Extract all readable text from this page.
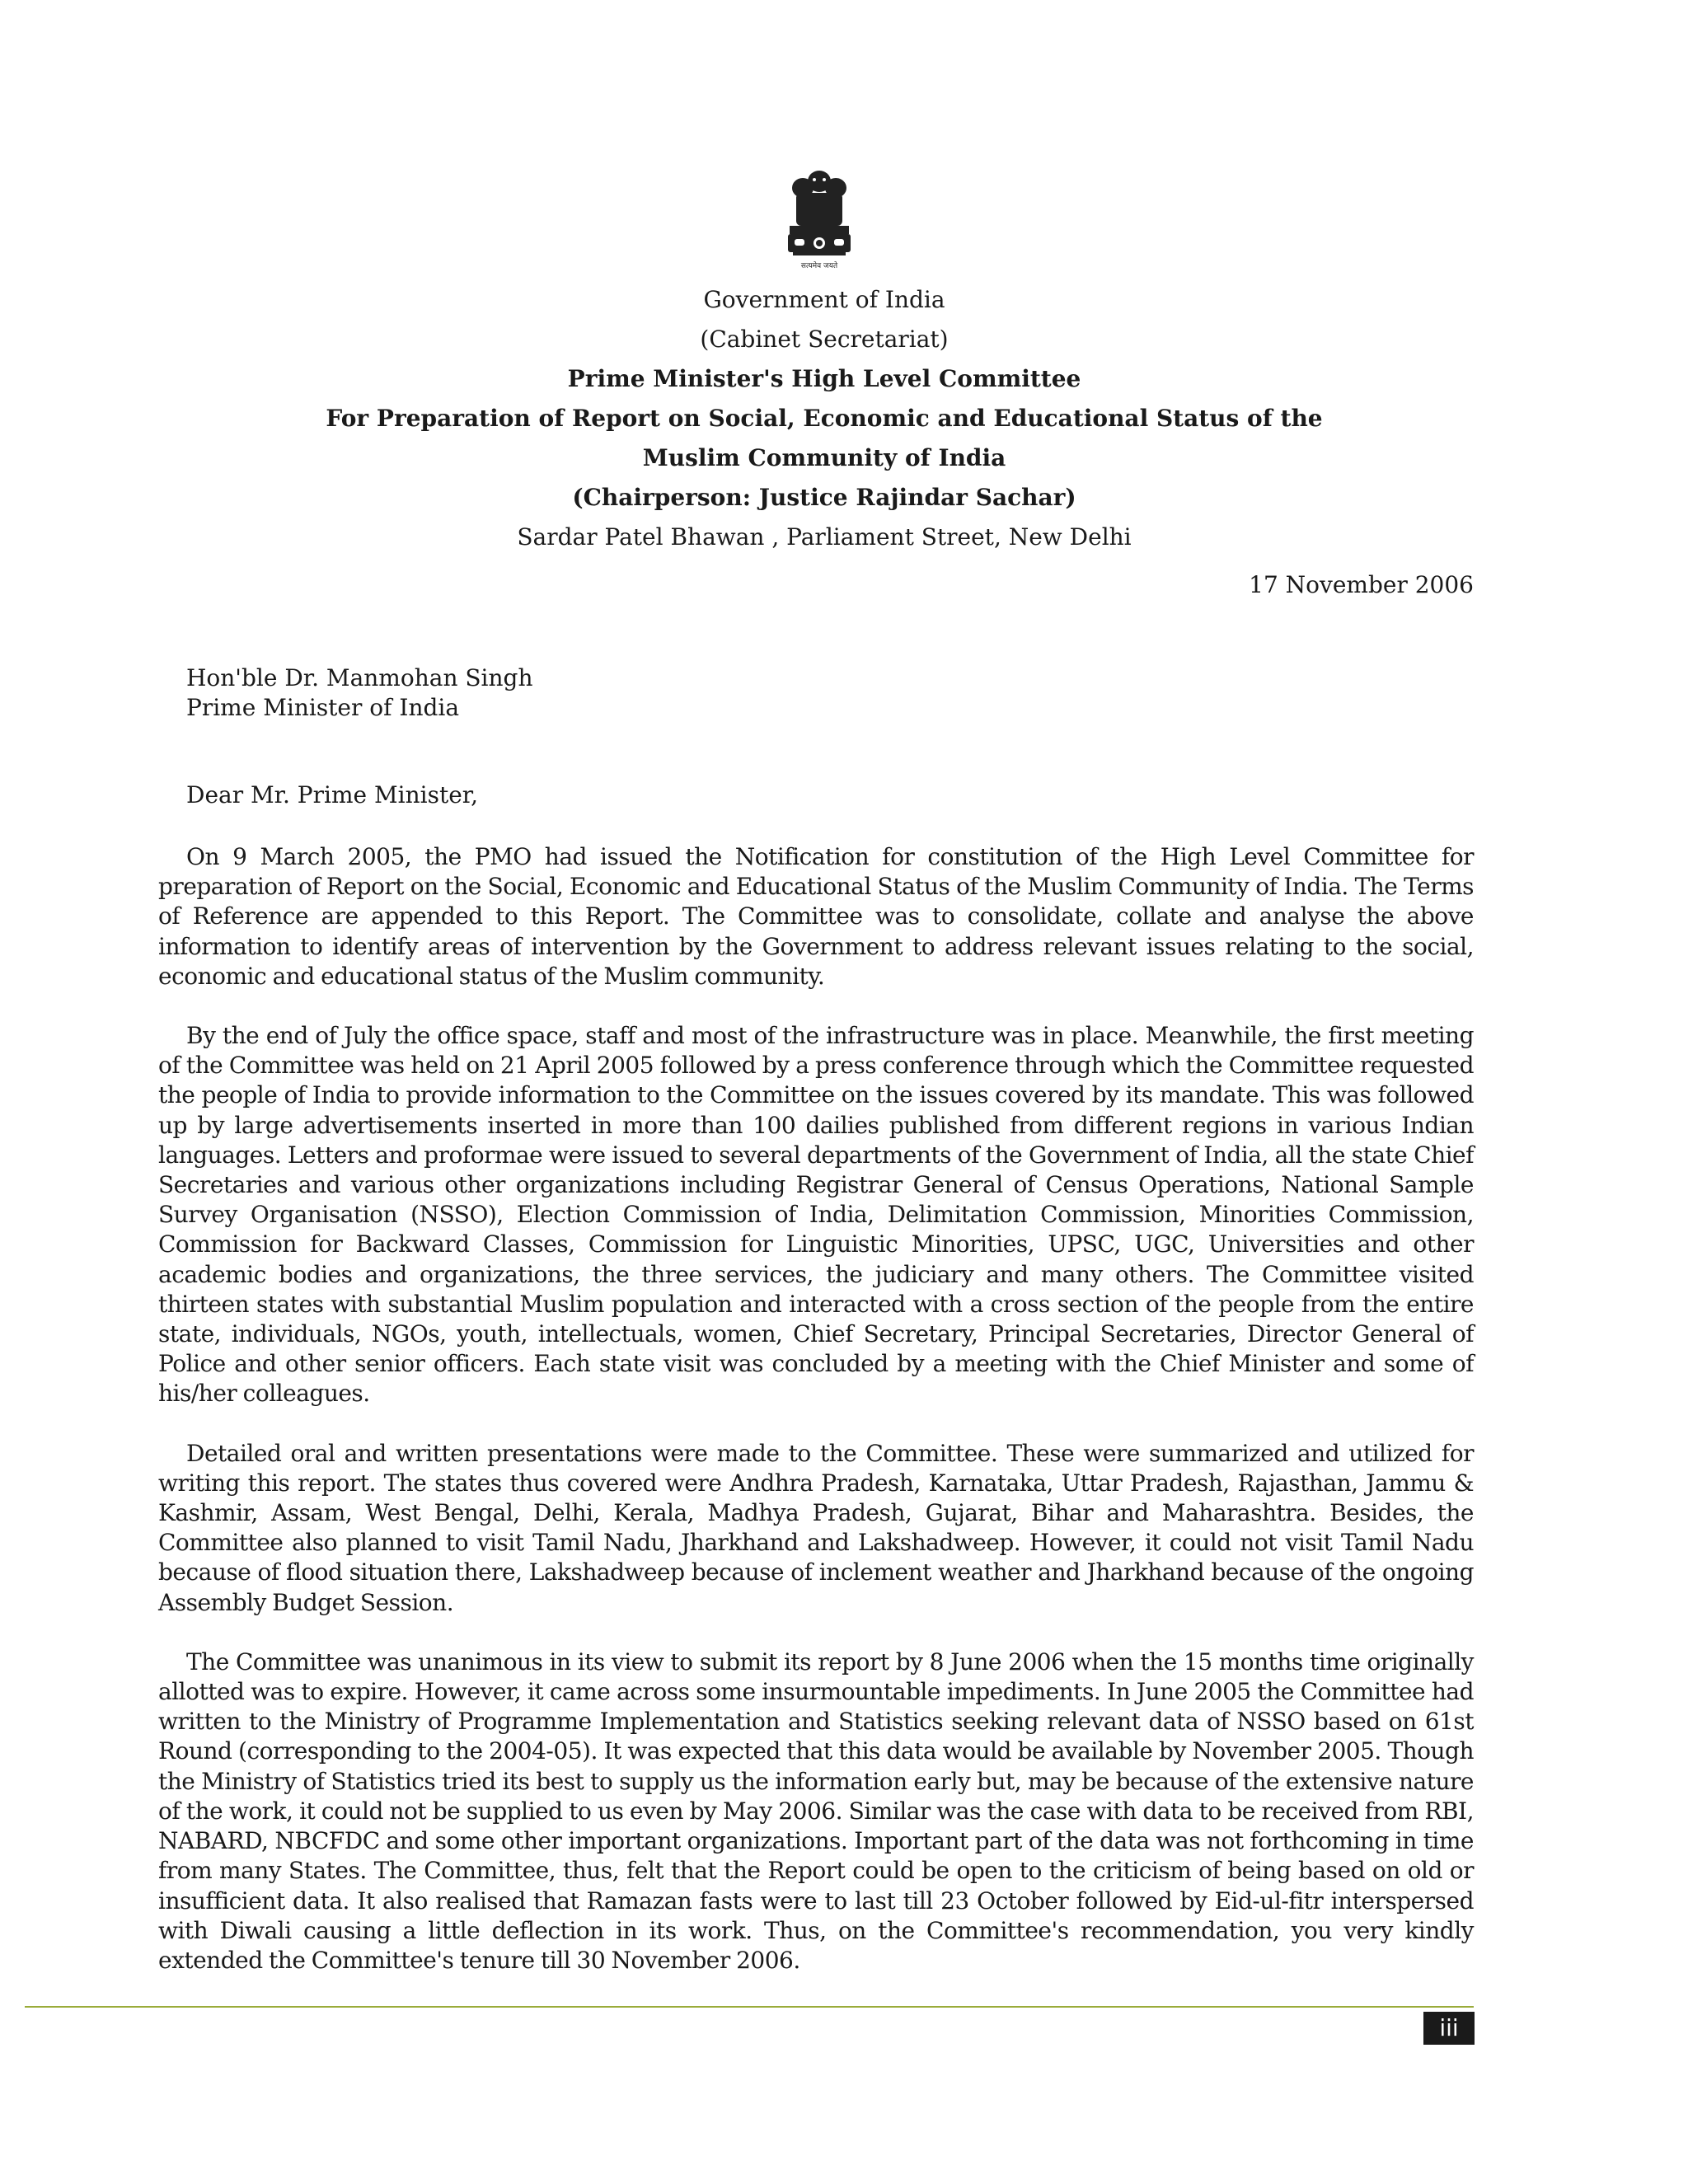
सत्यमेव जयते
Government of India
(Cabinet Secretariat)
Prime Minister's High Level Committee
For Preparation of Report on Social, Economic and Educational Status of the
Muslim Community of India
(Chairperson: Justice Rajindar Sachar)
Sardar Patel Bhawan , Parliament Street, New Delhi
17 November 2006
Hon'ble Dr. Manmohan Singh
Prime Minister of India
Dear Mr. Prime Minister,

On 9 March 2005, the PMO had issued the Notification for constitution of the High Level Committee for preparation of Report on the Social, Economic and Educational Status of the Muslim Community of India. The Terms of Reference are appended to this Report. The Committee was to consolidate, collate and analyse the above information to identify areas of intervention by the Government to address relevant issues relating to the social, economic and educational status of the Muslim community.

By the end of July the office space, staff and most of the infrastructure was in place. Meanwhile, the first meeting of the Committee was held on 21 April 2005 followed by a press conference through which the Committee requested the people of India to provide information to the Committee on the issues covered by its mandate. This was followed up by large advertisements inserted in more than 100 dailies published from different regions in various Indian languages. Letters and proformae were issued to several departments of the Government of India, all the state Chief Secretaries and various other organizations including Registrar General of Census Operations, National Sample Survey Organisation (NSSO), Election Commission of India, Delimitation Commission, Minorities Commission, Commission for Backward Classes, Commission for Linguistic Minorities, UPSC, UGC, Universities and other academic bodies and organizations, the three services, the judiciary and many others. The Committee visited thirteen states with substantial Muslim population and interacted with a cross section of the people from the entire state, individuals, NGOs, youth, intellectuals, women, Chief Secretary, Principal Secretaries, Director General of Police and other senior officers. Each state visit was concluded by a meeting with the Chief Minister and some of his/her colleagues.

Detailed oral and written presentations were made to the Committee. These were summarized and utilized for writing this report. The states thus covered were Andhra Pradesh, Karnataka, Uttar Pradesh, Rajasthan, Jammu & Kashmir, Assam, West Bengal, Delhi, Kerala, Madhya Pradesh, Gujarat, Bihar and Maharashtra. Besides, the Committee also planned to visit Tamil Nadu, Jharkhand and Lakshadweep. However, it could not visit Tamil Nadu because of flood situation there, Lakshadweep because of inclement weather and Jharkhand because of the ongoing Assembly Budget Session.

The Committee was unanimous in its view to submit its report by 8 June 2006 when the 15 months time originally allotted was to expire. However, it came across some insurmountable impediments. In June 2005 the Committee had written to the Ministry of Programme Implementation and Statistics seeking relevant data of NSSO based on 61st Round (corresponding to the 2004-05). It was expected that this data would be available by November 2005. Though the Ministry of Statistics tried its best to supply us the information early but, may be because of the extensive nature of the work, it could not be supplied to us even by May 2006. Similar was the case with data to be received from RBI, NABARD, NBCFDC and some other important organizations. Important part of the data was not forthcoming in time from many States. The Committee, thus, felt that the Report could be open to the criticism of being based on old or insufficient data. It also realised that Ramazan fasts were to last till 23 October followed by Eid-ul-fitr interspersed with Diwali causing a little deflection in its work. Thus, on the Committee's recommendation, you very kindly extended the Committee's tenure till 30 November 2006.

iii
